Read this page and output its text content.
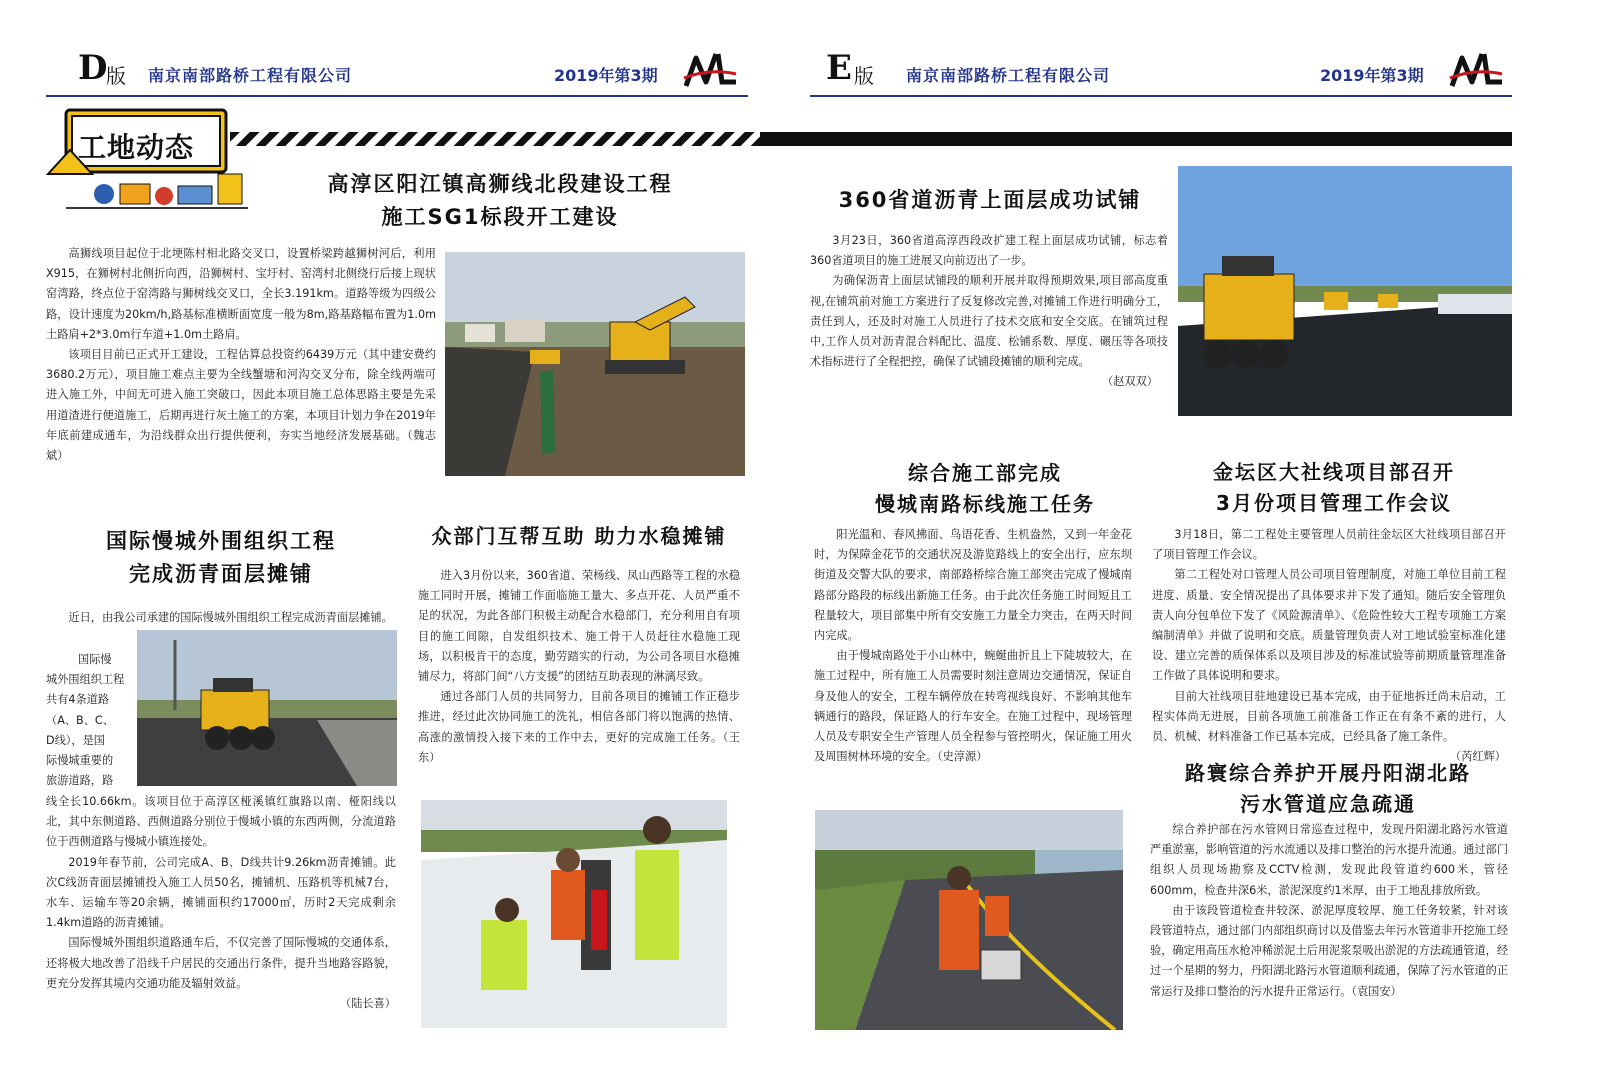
D
版 南京南部路桥工程有限公司	2019年第3期	E 版 南京南部路桥工程有限公司	2019年第3期
工地动态
高淳区阳江镇高狮线北段建设工程
施工SG1标段开工建设

高狮线项目起位于北埂陈村相北路交叉口，设置桥梁跨越狮树河后，利用X915，在狮树村北侧折向西，沿狮树村、宝圩村、窑湾村北侧绕行后接上现状窑湾路，终点位于窑湾路与狮树线交叉口，全长3.191km。道路等级为四级公路，设计速度为20km/h,路基标准横断面宽度一般为8m,路基路幅布置为1.0m土路肩+2*3.0m行车道+1.0m土路肩。

该项目目前已正式开工建设，工程估算总投资约6439万元（其中建安费约3680.2万元），项目施工难点主要为全线蟹塘和河沟交叉分布，除全线两端可进入施工外，中间无可进入施工突破口，因此本项目施工总体思路主要是先采用道渣进行便道施工，后期再进行灰土施工的方案，本项目计划力争在2019年年底前建成通车，为沿线群众出行提供便利，夯实当地经济发展基础。（魏志斌）

国际慢城外围组织工程
完成沥青面层摊铺

近日，由我公司承建的国际慢城外围组织工程完成沥青面层摊铺。

国际慢

城外围组织工程

共有4条道路

（A、B、C、

D线），是国

际慢城重要的

旅游道路，路

线全长10.66km。该项目位于高淳区桠溪镇红旗路以南、桠阳线以北，其中东侧道路、西侧道路分别位于慢城小镇的东西两侧，分流道路位于西侧道路与慢城小镇连接处。

2019年春节前，公司完成A、B、D线共计9.26km沥青摊铺。此次C线沥青面层摊铺投入施工人员50名，摊铺机、压路机等机械7台，水车、运输车等20余辆，摊铺面积约17000㎡，历时2天完成剩余1.4km道路的沥青摊铺。

国际慢城外围组织道路通车后，不仅完善了国际慢城的交通体系，还将极大地改善了沿线千户居民的交通出行条件，提升当地路容路貌，更充分发挥其境内交通功能及辐射效益。

（陆长喜）

众部门互帮互助 助力水稳摊铺

进入3月份以来，360省道、荣杨线、凤山西路等工程的水稳施工同时开展，摊铺工作面临施工量大、多点开花、人员严重不足的状况，为此各部门积极主动配合水稳部门，充分利用自有项目的施工间隙，自发组织技术、施工骨干人员赶往水稳施工现场，以积极肯干的态度，勤劳踏实的行动，为公司各项目水稳摊铺尽力，将部门间“八方支援”的团结互助表现的淋漓尽致。

通过各部门人员的共同努力，目前各项目的摊铺工作正稳步推进，经过此次协同施工的洗礼，相信各部门将以饱满的热情、高涨的激情投入接下来的工作中去，更好的完成施工任务。（王东）

360省道沥青上面层成功试铺

3月23日，360省道高淳西段改扩建工程上面层成功试铺，标志着360省道项目的施工进展又向前迈出了一步。

为确保沥青上面层试铺段的顺利开展并取得预期效果,项目部高度重视,在铺筑前对施工方案进行了反复修改完善,对摊铺工作进行明确分工，责任到人，还及时对施工人员进行了技术交底和安全交底。在铺筑过程中,工作人员对沥青混合料配比、温度、松铺系数、厚度、碾压等各项技术指标进行了全程把控，确保了试铺段摊铺的顺利完成。

（赵双双）

综合施工部完成
慢城南路标线施工任务

阳光温和、春风拂面、鸟语花香、生机盎然，又到一年金花时，为保障金花节的交通状况及游览路线上的安全出行，应东坝街道及交警大队的要求，南部路桥综合施工部突击完成了慢城南路部分路段的标线出新施工任务。由于此次任务施工时间短且工程量较大，项目部集中所有交安施工力量全力突击，在两天时间内完成。

由于慢城南路处于小山林中，蜿蜒曲折且上下陡坡较大，在施工过程中，所有施工人员需要时刻注意周边交通情况，保证自身及他人的安全，工程车辆停放在转弯视线良好、不影响其他车辆通行的路段，保证路人的行车安全。在施工过程中，现场管理人员及专职安全生产管理人员全程参与管控明火，保证施工用火及周围树林环境的安全。（史淳源）

金坛区大社线项目部召开
3月份项目管理工作会议

3月18日，第二工程处主要管理人员前往金坛区大社线项目部召开了项目管理工作会议。

第二工程处对口管理人员公司项目管理制度，对施工单位目前工程进度、质量、安全情况提出了具体要求并下发了通知。随后安全管理负责人向分包单位下发了《风险源清单》、《危险性较大工程专项施工方案编制清单》并做了说明和交底。质量管理负责人对工地试验室标准化建设、建立完善的质保体系以及项目涉及的标准试验等前期质量管理准备工作做了具体说明和要求。

目前大社线项目驻地建设已基本完成，由于征地拆迁尚未启动，工程实体尚无进展，目前各项施工前准备工作正在有条不紊的进行，人员、机械、材料准备工作已基本完成，已经具备了施工条件。

（芮红辉）

路寰综合养护开展丹阳湖北路
污水管道应急疏通

综合养护部在污水管网日常巡查过程中，发现丹阳湖北路污水管道严重淤塞，影响管道的污水流通以及排口整治的污水提升流通。通过部门组织人员现场勘察及CCTV检测，发现此段管道约600米，管径600mm，检查井深6米，淤泥深度约1米厚，由于工地乱排放所致。

由于该段管道检查井较深、淤泥厚度较厚、施工任务较紧，针对该段管道特点，通过部门内部组织商讨以及借鉴去年污水管道非开挖施工经验，确定用高压水枪冲稀淤泥土后用泥浆泵吸出淤泥的方法疏通管道，经过一个星期的努力，丹阳湖北路污水管道顺利疏通，保障了污水管道的正常运行及排口整治的污水提升正常运行。（袁国安）
